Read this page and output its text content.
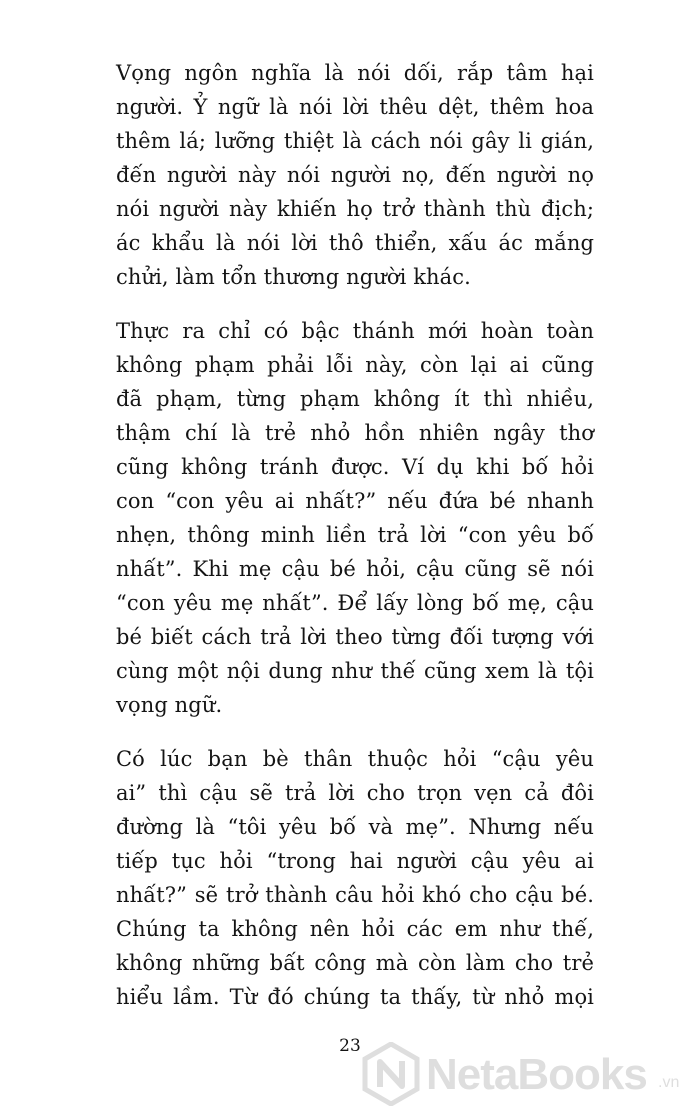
Vọng ngôn nghĩa là nói dối, rắp tâm hại
người. Ỷ ngữ là nói lời thêu dệt, thêm hoa
thêm lá; lưỡng thiệt là cách nói gây li gián,
đến người này nói người nọ, đến người nọ
nói người này khiến họ trở thành thù địch;
ác khẩu là nói lời thô thiển, xấu ác mắng
chửi, làm tổn thương người khác.

Thực ra chỉ có bậc thánh mới hoàn toàn
không phạm phải lỗi này, còn lại ai cũng
đã phạm, từng phạm không ít thì nhiều,
thậm chí là trẻ nhỏ hồn nhiên ngây thơ
cũng không tránh được. Ví dụ khi bố hỏi
con “con yêu ai nhất?” nếu đứa bé nhanh
nhẹn, thông minh liền trả lời “con yêu bố
nhất”. Khi mẹ cậu bé hỏi, cậu cũng sẽ nói
“con yêu mẹ nhất”. Để lấy lòng bố mẹ, cậu
bé biết cách trả lời theo từng đối tượng với
cùng một nội dung như thế cũng xem là tội
vọng ngữ.

Có lúc bạn bè thân thuộc hỏi “cậu yêu
ai” thì cậu sẽ trả lời cho trọn vẹn cả đôi
đường là “tôi yêu bố và mẹ”. Nhưng nếu
tiếp tục hỏi “trong hai người cậu yêu ai
nhất?” sẽ trở thành câu hỏi khó cho cậu bé.
Chúng ta không nên hỏi các em như thế,
không những bất công mà còn làm cho trẻ
hiểu lầm. Từ đó chúng ta thấy, từ nhỏ mọi

23
NetaBooks .vn
